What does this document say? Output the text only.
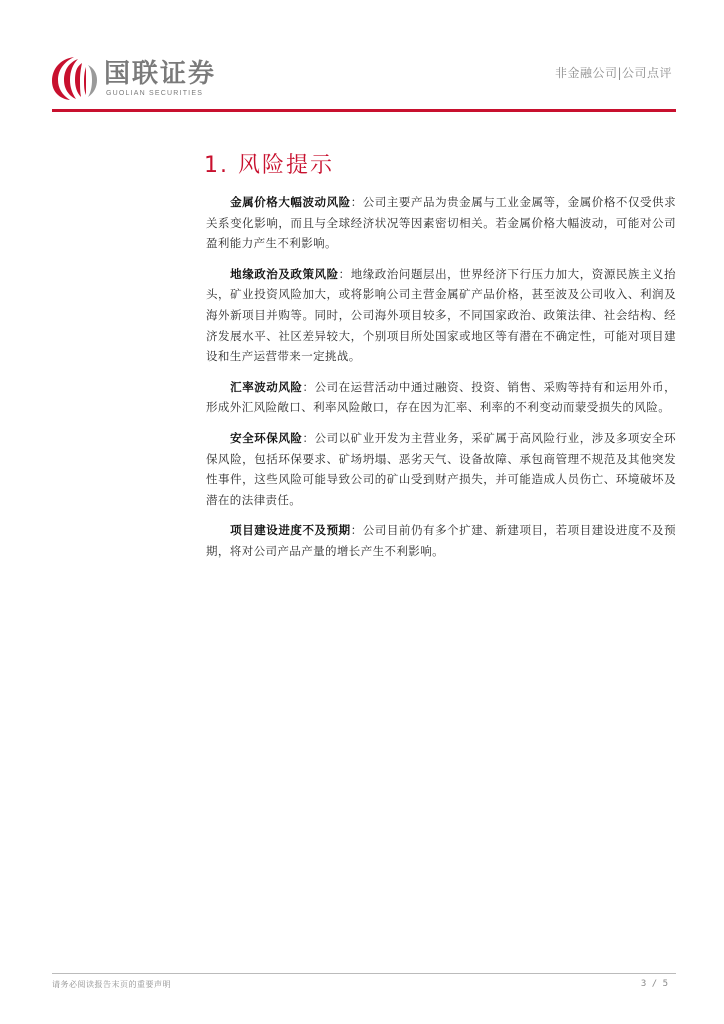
国联证券
GUOLIAN SECURITIES
非金融公司|公司点评
1. 风险提示

金属价格大幅波动风险：公司主要产品为贵金属与工业金属等，金属价格不仅受供求关系变化影响，而且与全球经济状况等因素密切相关。若金属价格大幅波动，可能对公司盈利能力产生不利影响。

地缘政治及政策风险：地缘政治问题层出，世界经济下行压力加大，资源民族主义抬头，矿业投资风险加大，或将影响公司主营金属矿产品价格，甚至波及公司收入、利润及海外新项目并购等。同时，公司海外项目较多，不同国家政治、政策法律、社会结构、经济发展水平、社区差异较大，个别项目所处国家或地区等有潜在不确定性，可能对项目建设和生产运营带来一定挑战。

汇率波动风险：公司在运营活动中通过融资、投资、销售、采购等持有和运用外币，形成外汇风险敞口、利率风险敞口，存在因为汇率、利率的不利变动而蒙受损失的风险。

安全环保风险：公司以矿业开发为主营业务，采矿属于高风险行业，涉及多项安全环保风险，包括环保要求、矿场坍塌、恶劣天气、设备故障、承包商管理不规范及其他突发性事件，这些风险可能导致公司的矿山受到财产损失，并可能造成人员伤亡、环境破坏及潜在的法律责任。

项目建设进度不及预期：公司目前仍有多个扩建、新建项目，若项目建设进度不及预期，将对公司产品产量的增长产生不利影响。

请务必阅读报告末页的重要声明	3 / 5
